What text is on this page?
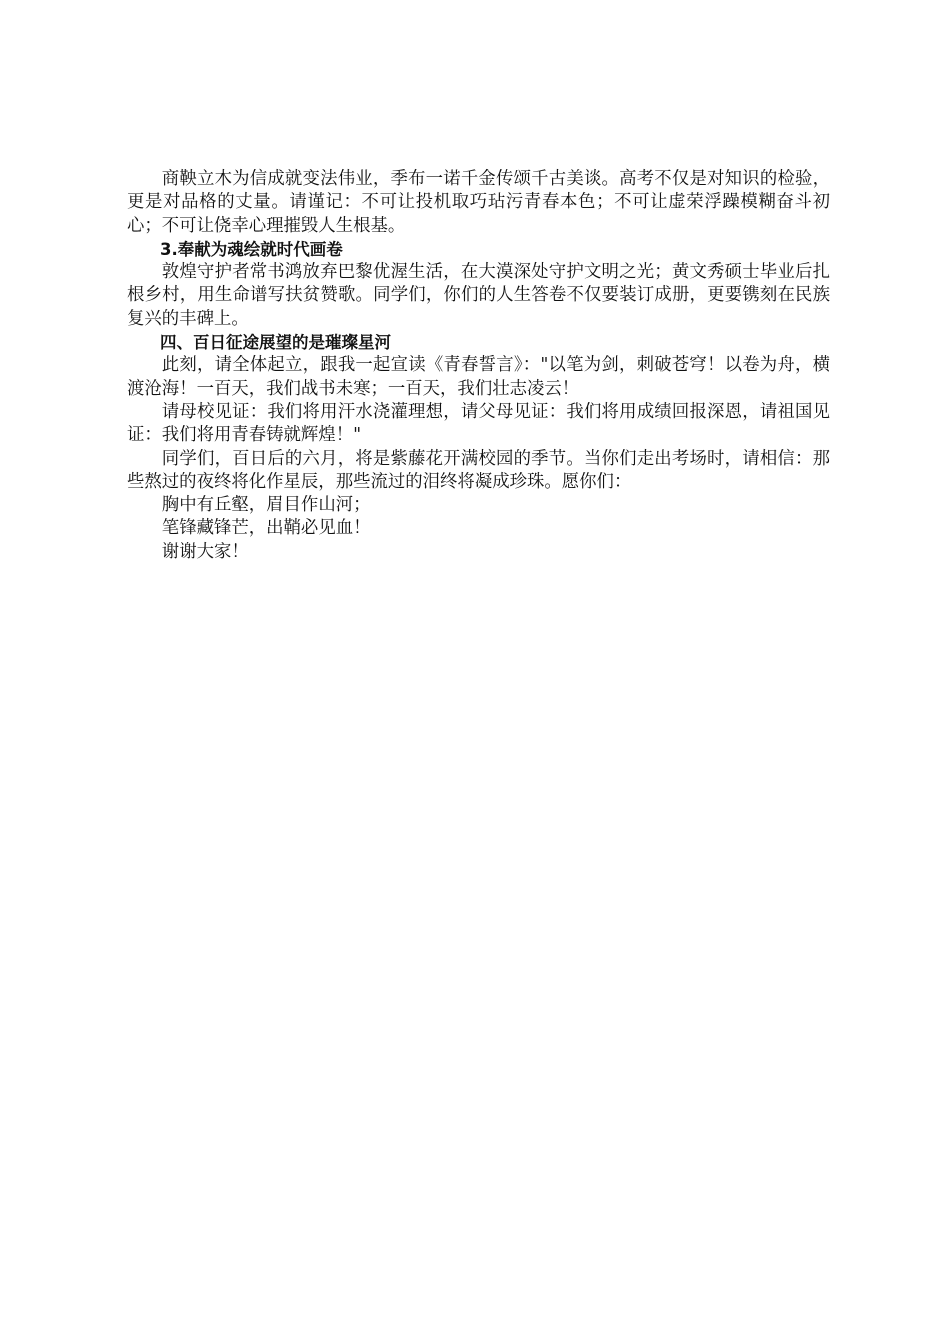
商鞅立木为信成就变法伟业，季布一诺千金传颂千古美谈。高考不仅是对知识的检验，更是对品格的丈量。请谨记：不可让投机取巧玷污青春本色；不可让虚荣浮躁模糊奋斗初心；不可让侥幸心理摧毁人生根基。

3.奉献为魂绘就时代画卷

敦煌守护者常书鸿放弃巴黎优渥生活，在大漠深处守护文明之光；黄文秀硕士毕业后扎根乡村，用生命谱写扶贫赞歌。同学们，你们的人生答卷不仅要装订成册，更要镌刻在民族复兴的丰碑上。

四、百日征途展望的是璀璨星河

此刻，请全体起立，跟我一起宣读《青春誓言》："以笔为剑，刺破苍穹！以卷为舟，横渡沧海！一百天，我们战书未寒；一百天，我们壮志凌云！

请母校见证：我们将用汗水浇灌理想，请父母见证：我们将用成绩回报深恩，请祖国见证：我们将用青春铸就辉煌！"

同学们，百日后的六月，将是紫藤花开满校园的季节。当你们走出考场时，请相信：那些熬过的夜终将化作星辰，那些流过的泪终将凝成珍珠。愿你们：

胸中有丘壑，眉目作山河；

笔锋藏锋芒，出鞘必见血！

谢谢大家！
